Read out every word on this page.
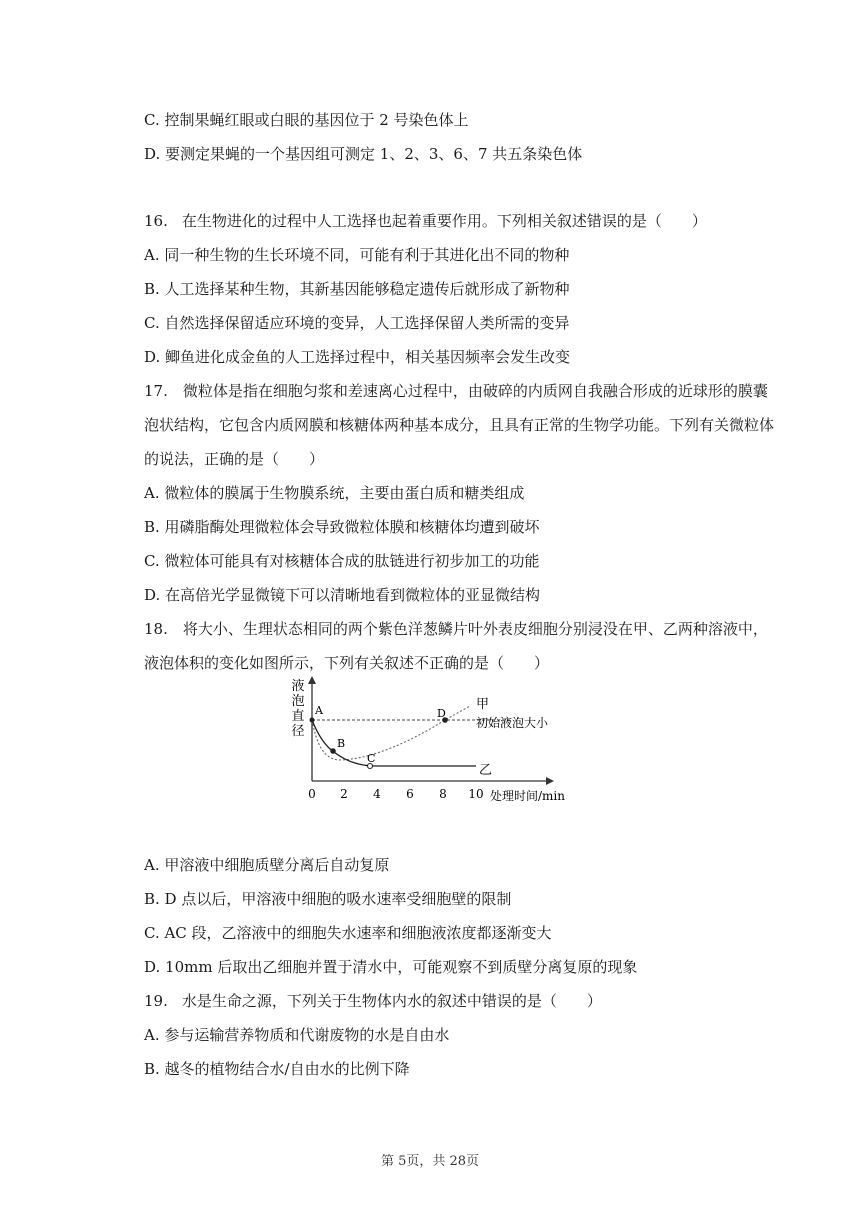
C. 控制果蝇红眼或白眼的基因位于 2 号染色体上
D. 要测定果蝇的一个基因组可测定 1、2、3、6、7 共五条染色体
16. 在生物进化的过程中人工选择也起着重要作用。下列相关叙述错误的是（　　）
A. 同一种生物的生长环境不同，可能有利于其进化出不同的物种
B. 人工选择某种生物，其新基因能够稳定遗传后就形成了新物种
C. 自然选择保留适应环境的变异，人工选择保留人类所需的变异
D. 鲫鱼进化成金鱼的人工选择过程中，相关基因频率会发生改变
17.　 微粒体是指在细胞匀浆和差速离心过程中，由破碎的内质网自我融合形成的近球形的膜囊泡状结构，它包含内质网膜和核糖体两种基本成分，且具有正常的生物学功能。下列有关微粒体的说法，正确的是（　　）
A. 微粒体的膜属于生物膜系统，主要由蛋白质和糖类组成
B. 用磷脂酶处理微粒体会导致微粒体膜和核糖体均遭到破坏
C. 微粒体可能具有对核糖体合成的肽链进行初步加工的功能
D. 在高倍光学显微镜下可以清晰地看到微粒体的亚显微结构
18.　 将大小、生理状态相同的两个紫色洋葱鳞片叶外表皮细胞分别浸没在甲、乙两种溶液中，液泡体积的变化如图所示，下列有关叙述不正确的是（　　）
液
泡
直
径
初始液泡大小
甲
乙
A
B
C
D
0 2 4 6 8 10 处理时间/min
A. 甲溶液中细胞质壁分离后自动复原
B. D 点以后，甲溶液中细胞的吸水速率受细胞壁的限制
C. AC 段，乙溶液中的细胞失水速率和细胞液浓度都逐渐变大
D. 10mm 后取出乙细胞并置于清水中，可能观察不到质壁分离复原的现象
19. 水是生命之源，下列关于生物体内水的叙述中错误的是（　　）
A. 参与运输营养物质和代谢废物的水是自由水
B. 越冬的植物结合水/自由水的比例下降
第 5页，共 28页
